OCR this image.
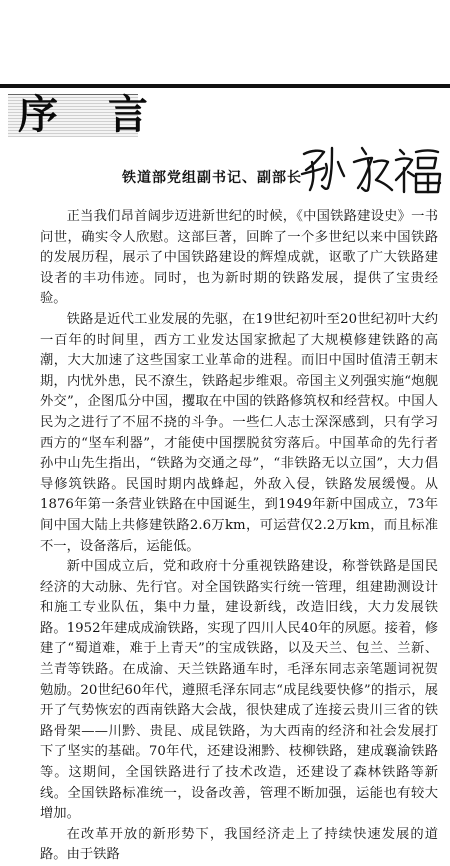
序 言
铁道部党组副书记、副部长

正当我们昂首阔步迈进新世纪的时候，《中国铁路建设史》一书问世，确实令人欣慰。这部巨著，回眸了一个多世纪以来中国铁路的发展历程，展示了中国铁路建设的辉煌成就，讴歌了广大铁路建设者的丰功伟迹。同时，也为新时期的铁路发展，提供了宝贵经验。

铁路是近代工业发展的先驱，在19世纪初叶至20世纪初叶大约一百年的时间里，西方工业发达国家掀起了大规模修建铁路的高潮，大大加速了这些国家工业革命的进程。而旧中国时值清王朝末期，内忧外患，民不潦生，铁路起步维艰。帝国主义列强实施“炮舰外交”，企图瓜分中国，攫取在中国的铁路修筑权和经营权。中国人民为之进行了不屈不挠的斗争。一些仁人志士深深感到，只有学习西方的“坚车利器”，才能使中国摆脱贫穷落后。中国革命的先行者孙中山先生指出，“铁路为交通之母”，“非铁路无以立国”，大力倡导修筑铁路。民国时期内战蜂起，外敌入侵，铁路发展缓慢。从1876年第一条营业铁路在中国诞生，到1949年新中国成立，73年间中国大陆上共修建铁路2.6万km，可运营仅2.2万km，而且标准不一，设备落后，运能低。

新中国成立后，党和政府十分重视铁路建设，称誉铁路是国民经济的大动脉、先行官。对全国铁路实行统一管理，组建勘测设计和施工专业队伍，集中力量，建设新线，改造旧线，大力发展铁路。1952年建成成渝铁路，实现了四川人民40年的夙愿。接着，修建了“蜀道难，难于上青天”的宝成铁路，以及天兰、包兰、兰新、兰青等铁路。在成渝、天兰铁路通车时，毛泽东同志亲笔题词祝贺勉励。20世纪60年代，遵照毛泽东同志“成昆线要快修”的指示，展开了气势恢宏的西南铁路大会战，很快建成了连接云贵川三省的铁路骨架——川黔、贵昆、成昆铁路，为大西南的经济和社会发展打下了坚实的基础。70年代，还建设湘黔、枝柳铁路，建成襄渝铁路等。这期间，全国铁路进行了技术改造，还建设了森林铁路等新线。全国铁路标准统一，设备改善，管理不断加强，运能也有较大增加。

在改革开放的新形势下，我国经济走上了持续快速发展的道路。由于铁路
